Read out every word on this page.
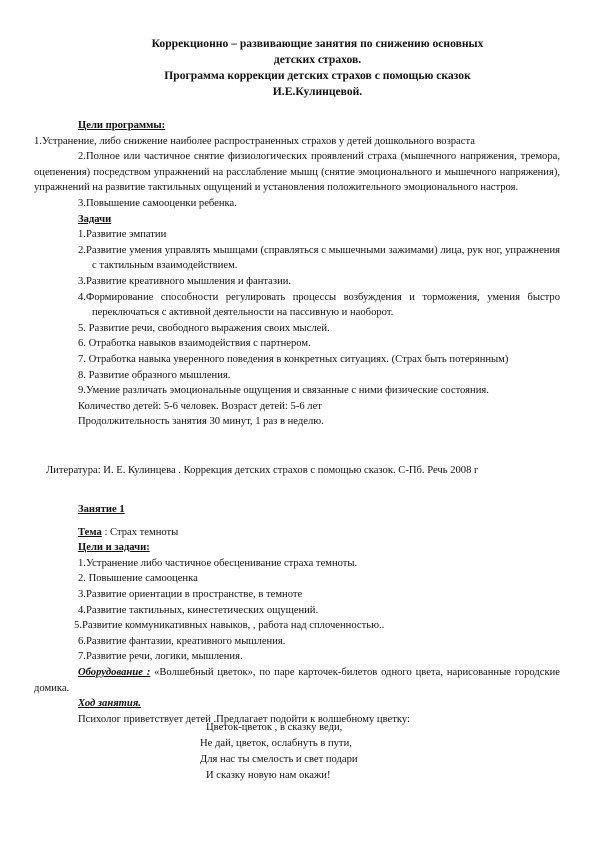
Коррекционно – развивающие занятия по снижению основных
детских страхов.
Программа коррекции детских страхов с помощью сказок
И.Е.Кулинцевой.

Цели программы:

1.Устранение, либо снижение наиболее распространенных страхов у детей дошкольного возраста

2.Полное или частичное снятие физиологических проявлений страха (мышечного напряжения, тремора, оцепенения) посредством упражнений на расслабление мышц (снятие эмоционального и мышечного напряжения), упражнений на развитие тактильных ощущений и установления положительного эмоционального настроя.

3.Повышение самооценки ребенка.

Задачи

1.Развитие эмпатии

2.Развитие умения управлять мышцами (справляться с мышечными зажимами) лица, рук ног, упражнения с тактильным взаимодействием.

3.Развитие креативного мышления и фантазии.

4.Формирование способности регулировать процессы возбуждения и торможения, умения быстро переключаться с активной деятельности на пассивную и наоборот.

5. Развитие речи, свободного выражения своих мыслей.

6. Отработка навыков взаимодействия с партнером.

7. Отработка навыка уверенного поведения в конкретных ситуациях. (Страх быть потерянным)

8. Развитие образного мышления.

9.Умение различать эмоциональные ощущения и связанные с ними физические состояния.

Количество детей: 5-6 человек. Возраст детей: 5-6 лет

Продолжительность занятия 30 минут, 1 раз в неделю.

Литература: И. Е. Кулинцева . Коррекция детских страхов с помощью сказок. С-Пб. Речь 2008 г

Занятие 1

Тема : Страх темноты

Цели и задачи:

1.Устранение либо частичное обесценивание страха темноты.

2. Повышение самооценка

3.Развитие ориентации в пространстве, в темноте

4.Развитие тактильных, кинестетических ощущений.

5.Развитие коммуникативных навыков, , работа над сплоченностью..

6.Развитие фантазии, креативного мышления.

7.Развитие речи, логики, мышления.

Оборудование : «Волшебный цветок», по паре карточек-билетов одного цвета, нарисованные городские домика.

Ход занятия.

Психолог приветствует детей .Предлагает подойти к волшебному цветку:

Цветок-цветок , в сказку веди,
Не дай, цветок, ослабнуть в пути,
Для нас ты смелость и свет подари
И сказку новую нам окажи!
